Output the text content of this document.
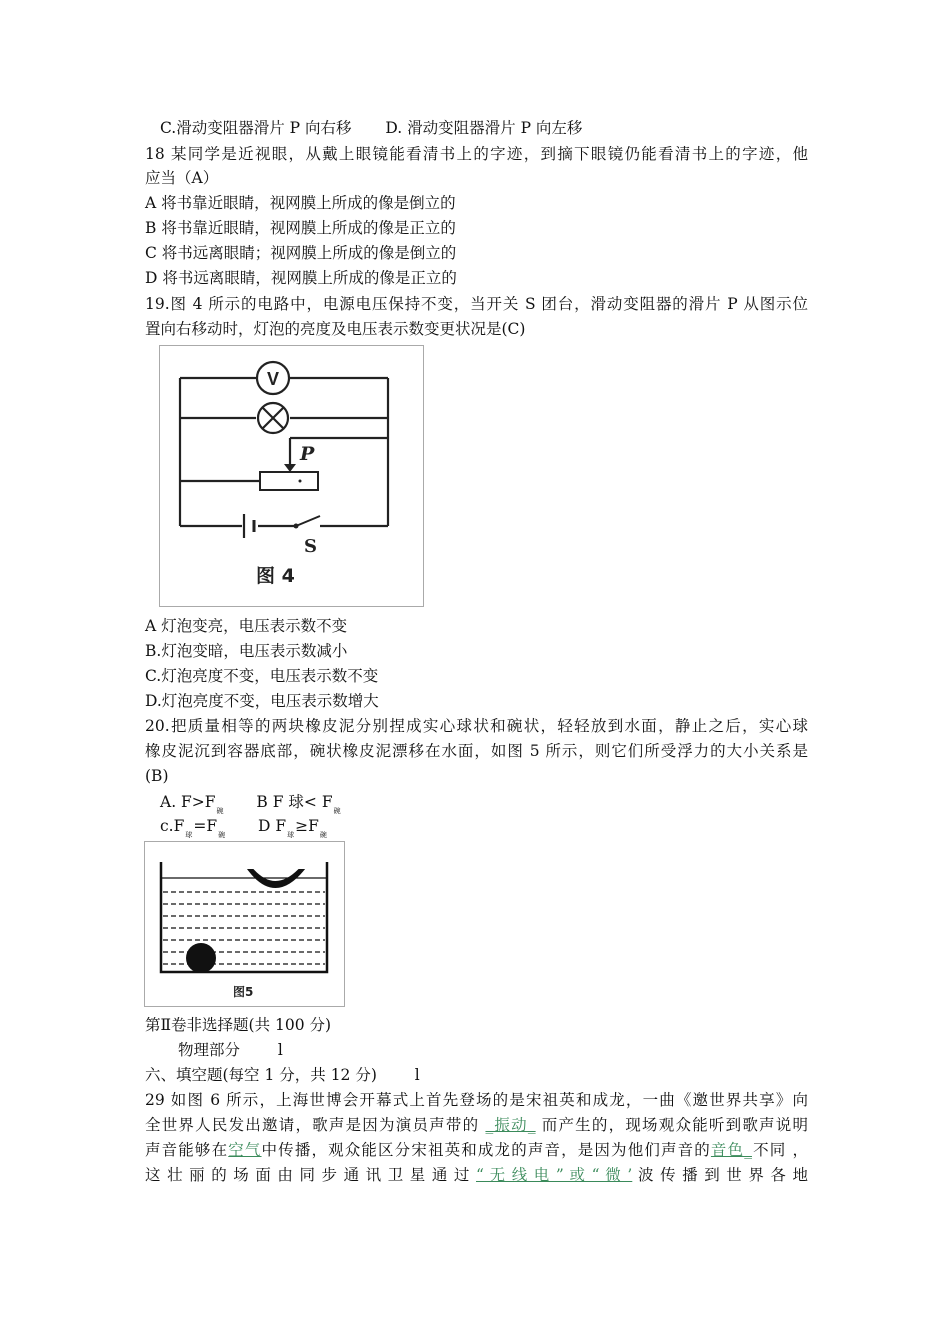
C.滑动变阻器滑片 P 向右移 D. 滑动变阻器滑片 P 向左移
18 某同学是近视眼，从戴上眼镜能看清书上的字迹，到摘下眼镜仍能看清书上的字迹，他
应当（A）
A 将书靠近眼睛，视网膜上所成的像是倒立的
B 将书靠近眼睛，视网膜上所成的像是正立的
C 将书远离眼睛；视网膜上所成的像是倒立的
D 将书远离眼睛，视网膜上所成的像是正立的
19.图 4 所示的电路中，电源电压保持不变，当开关 S 团台，滑动变阻器的滑片 P 从图示位
置向右移动时，灯泡的亮度及电压表示数变更状况是(C)
V
P
S
图 4
A 灯泡变亮，电压表示数不变
B.灯泡变暗，电压表示数减小
C.灯泡亮度不变，电压表示数不变
D.灯泡亮度不变，电压表示数增大
20.把质量相等的两块橡皮泥分别捏成实心球状和碗状，轻轻放到水面，静止之后，实心球
橡皮泥沉到容器底部，碗状橡皮泥漂移在水面，如图 5 所示，则它们所受浮力的大小关系是
(B)
A. $F>F_碗$ B F 球< $F_碗$
$c.F_球=F_碗$ D $F_球\ge F_碗$
图5
第Ⅱ卷非选择题(共 100 分)
物理部分 l
六、填空题(每空 1 分，共 12 分) l
29 如图 6 所示，上海世博会开幕式上首先登场的是宋祖英和成龙，一曲《邀世界共享》向
全世界人民发出邀请，歌声是因为演员声带的 _振动_ 而产生的，现场观众能听到歌声说明
声音能够在空气中传播，观众能区分宋祖英和成龙的声音，是因为他们声音的音色_不同 ，
这 壮 丽 的 场 面 由 同 步 通 讯 卫 星 通 过 “ 无 线 电 ” 或 “ 微 ’ 波 传 播 到 世 界 各 地
